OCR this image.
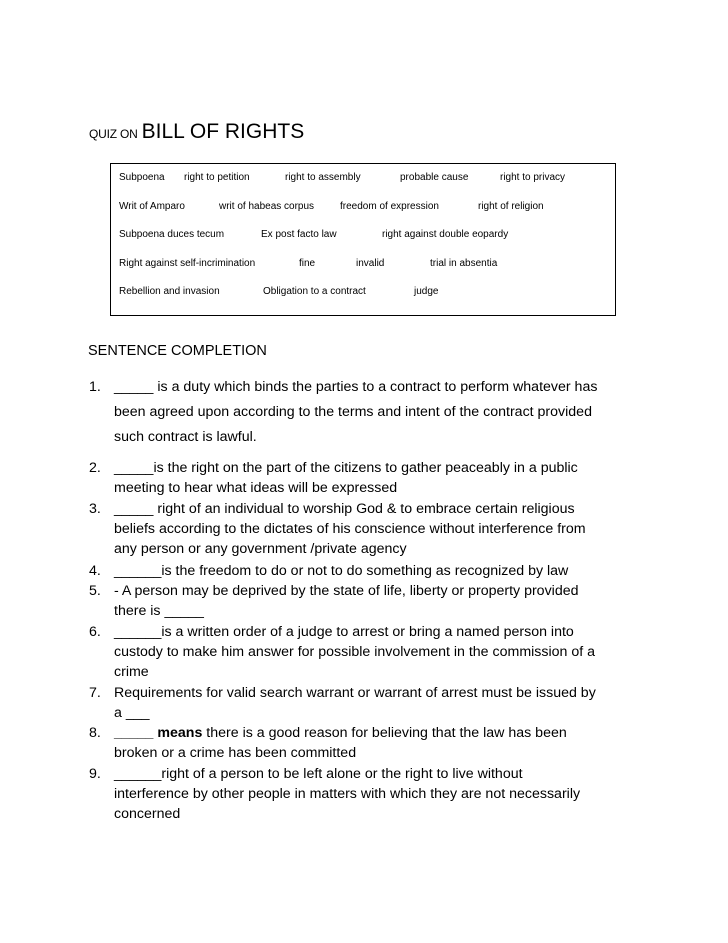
QUIZ ON BILL OF RIGHTS
Subpoena right to petition	right to assembly	probable cause	right to privacy
Writ of Amparo	writ of habeas corpus	freedom of expression	right of religion
Subpoena duces tecum	Ex post facto law	right against double eopardy
Right against self-incrimination	fine	invalid	trial in absentia
Rebellion and invasion	Obligation to a contract	judge
SENTENCE COMPLETION
1. _____ is a duty which binds the parties to a contract to perform whatever has
been agreed upon according to the terms and intent of the contract provided
such contract is lawful.
2. _____is the right on the part of the citizens to gather peaceably in a public
meeting to hear what ideas will be expressed
3. _____ right of an individual to worship God & to embrace certain religious
beliefs according to the dictates of his conscience without interference from
any person or any government /private agency
4. ______is the freedom to do or not to do something as recognized by law
5. - A person may be deprived by the state of life, liberty or property provided
there is _____
6. ______is a written order of a judge to arrest or bring a named person into
custody to make him answer for possible involvement in the commission of a
crime
7. Requirements for valid search warrant or warrant of arrest must be issued by
a ___
8. _____ means there is a good reason for believing that the law has been
broken or a crime has been committed
9. ______right of a person to be left alone or the right to live without
interference by other people in matters with which they are not necessarily
concerned
